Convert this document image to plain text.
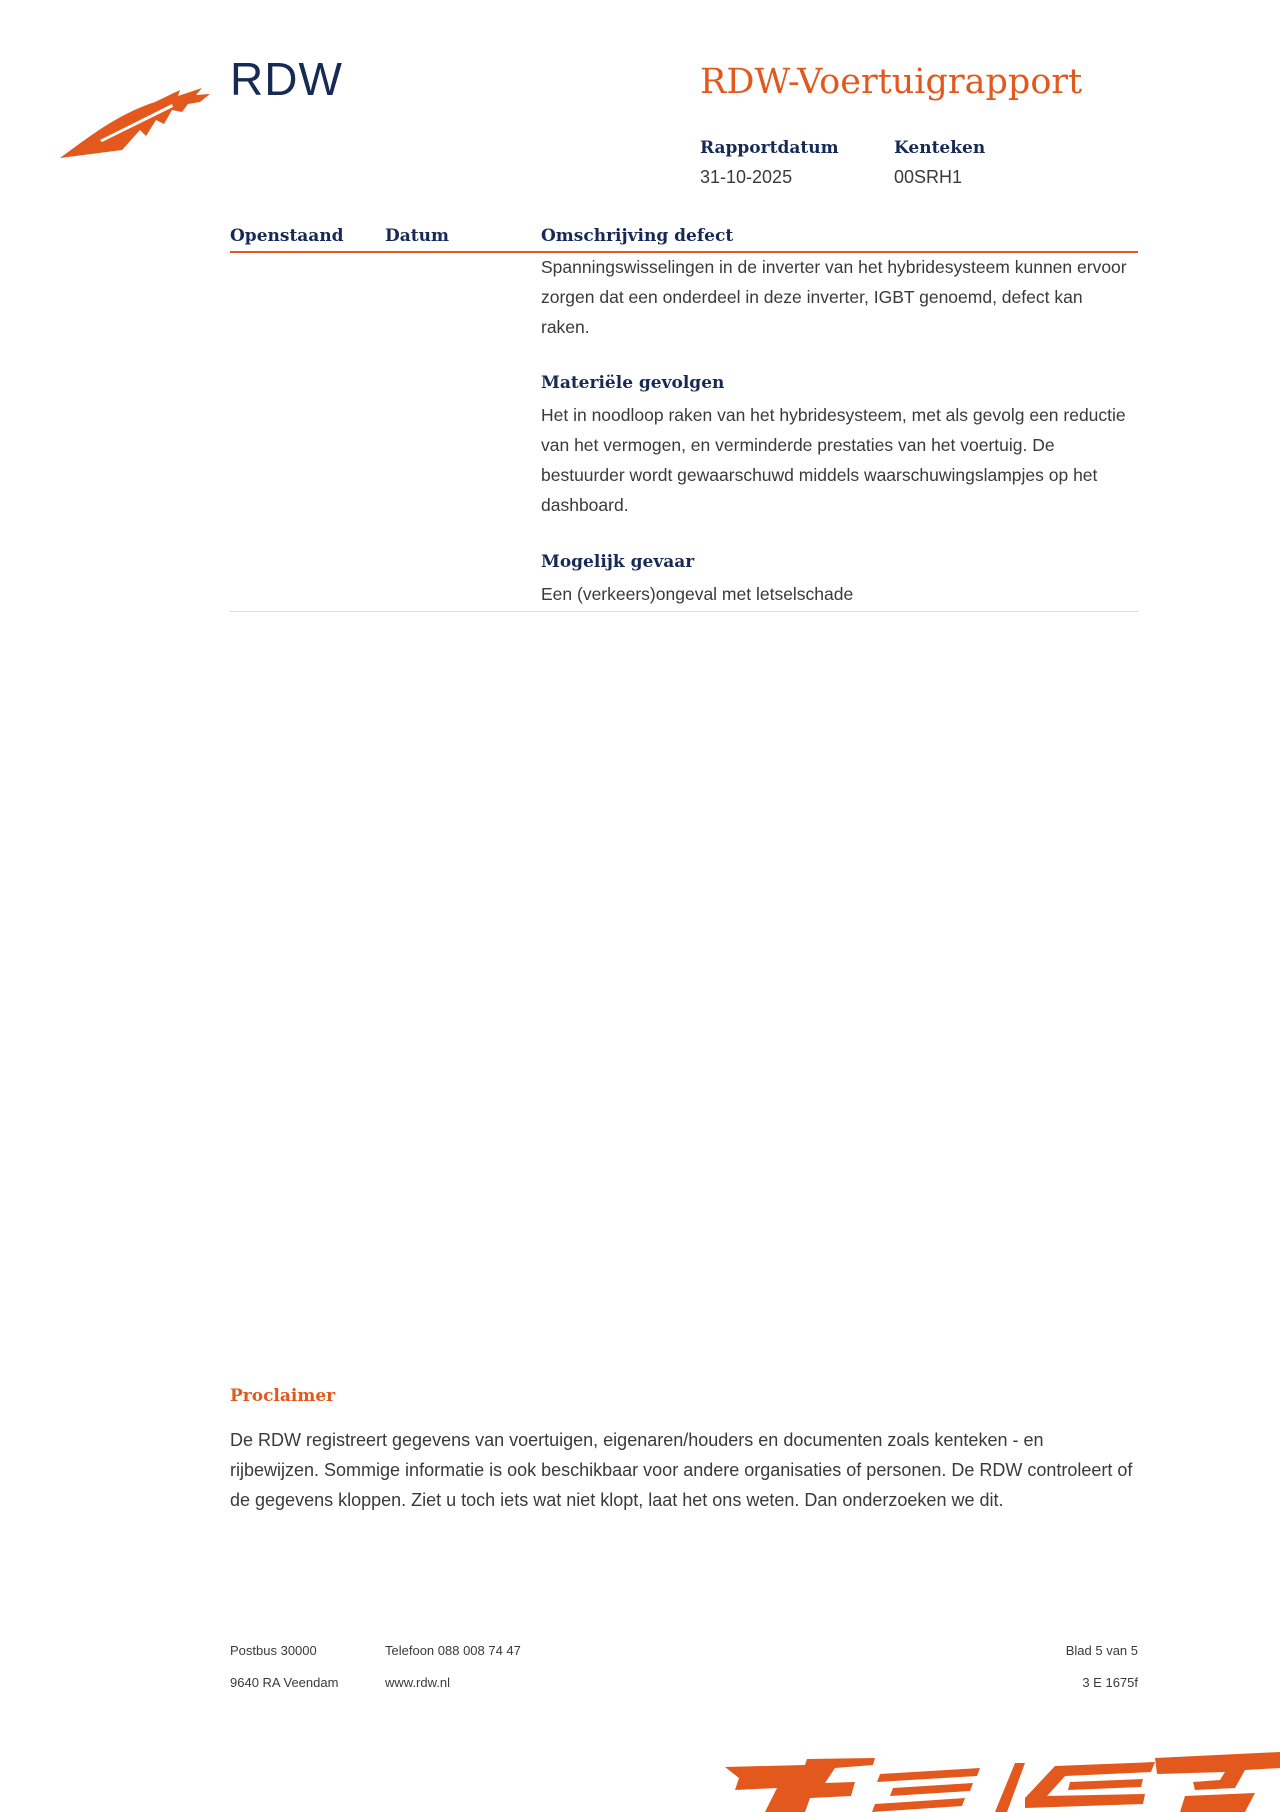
RDW	RDW-Voertuigrapport
Rapportdatum
31-10-2025
Kenteken
00SRH1
Openstaand Datum	Omschrijving defect
Spanningswisselingen in de inverter van het hybridesysteem kunnen ervoor zorgen dat een onderdeel in deze inverter, IGBT genoemd, defect kan raken.
Materiële gevolgen
Het in noodloop raken van het hybridesysteem, met als gevolg een reductie van het vermogen, en verminderde prestaties van het voertuig. De bestuurder wordt gewaarschuwd middels waarschuwingslampjes op het dashboard.
Mogelijk gevaar
Een (verkeers)ongeval met letselschade
Proclaimer
De RDW registreert gegevens van voertuigen, eigenaren/houders en documenten zoals kenteken - en rijbewijzen. Sommige informatie is ook beschikbaar voor andere organisaties of personen. De RDW controleert of de gegevens kloppen. Ziet u toch iets wat niet klopt, laat het ons weten. Dan onderzoeken we dit.
Postbus 30000
9640 RA Veendam
Telefoon 088 008 74 47
www.rdw.nl
Blad 5 van 5
3 E 1675f
